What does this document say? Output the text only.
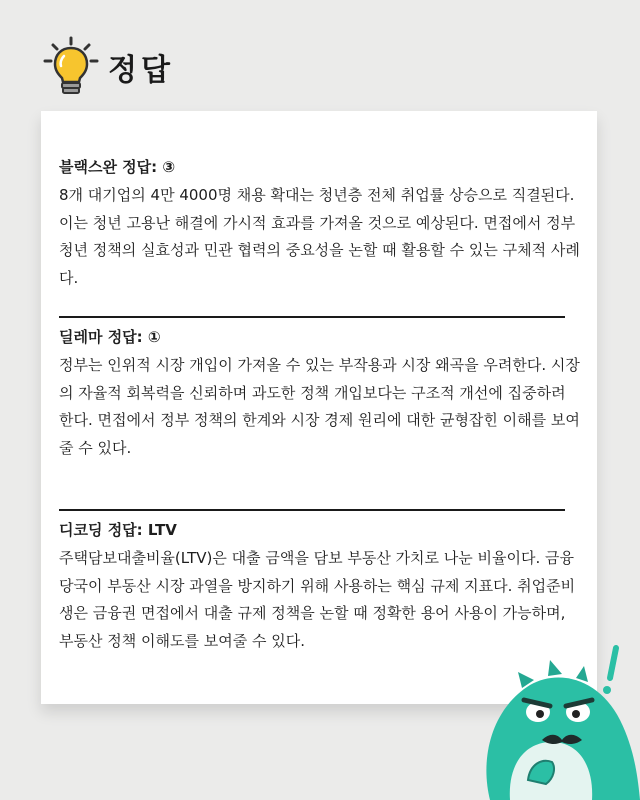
정답
블랙스완 정답: ③
8개 대기업의 4만 4000명 채용 확대는 청년층 전체 취업률 상승으로 직결된다. 이는 청년 고용난 해결에 가시적 효과를 가져올 것으로 예상된다. 면접에서 정부 청년 정책의 실효성과 민관 협력의 중요성을 논할 때 활용할 수 있는 구체적 사례다.
딜레마 정답: ①
정부는 인위적 시장 개입이 가져올 수 있는 부작용과 시장 왜곡을 우려한다. 시장의 자율적 회복력을 신뢰하며 과도한 정책 개입보다는 구조적 개선에 집중하려 한다. 면접에서 정부 정책의 한계와 시장 경제 원리에 대한 균형잡힌 이해를 보여줄 수 있다.
디코딩 정답: LTV
주택담보대출비율(LTV)은 대출 금액을 담보 부동산 가치로 나눈 비율이다. 금융당국이 부동산 시장 과열을 방지하기 위해 사용하는 핵심 규제 지표다. 취업준비생은 금융권 면접에서 대출 규제 정책을 논할 때 정확한 용어 사용이 가능하며, 부동산 정책 이해도를 보여줄 수 있다.
